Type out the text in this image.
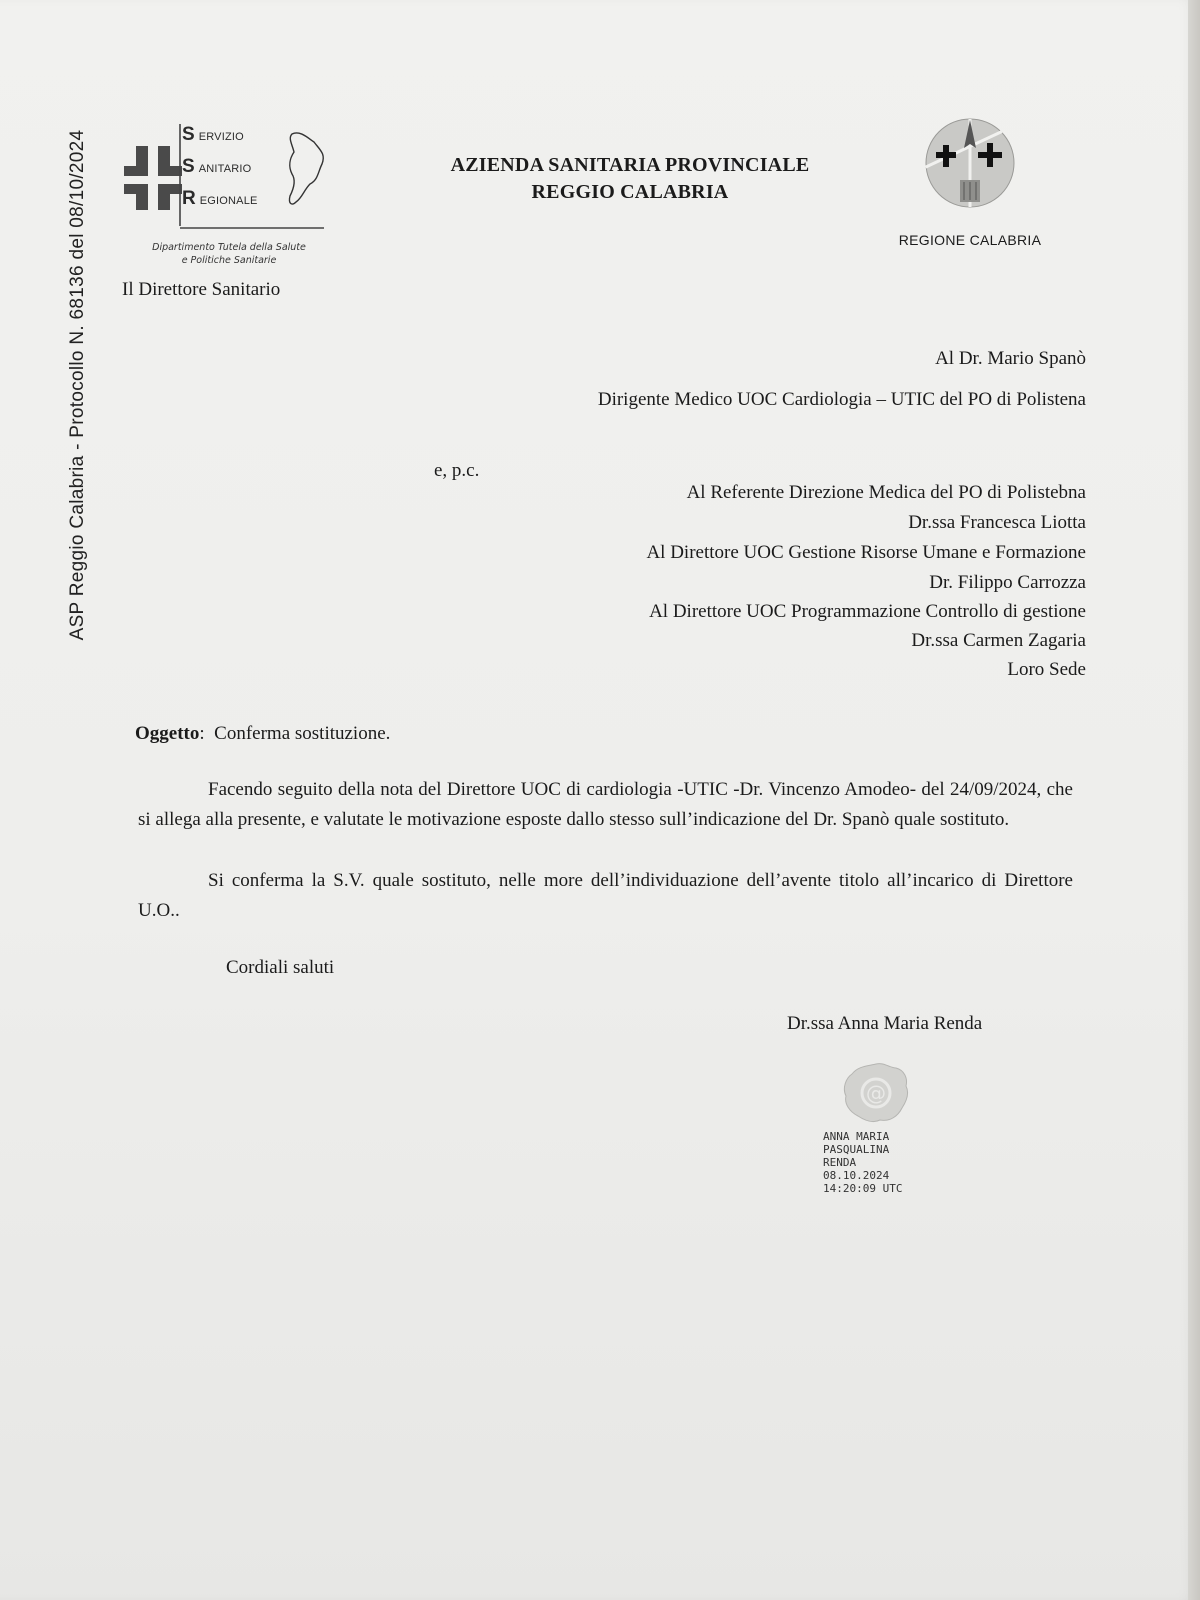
ASP Reggio Calabria - Protocollo N. 68136 del 08/10/2024	S ERVIZIO
S ANITARIO
R EGIONALE
Dipartimento Tutela della Salute
e Politiche Sanitarie
Il Direttore Sanitario
AZIENDA SANITARIA PROVINCIALE
REGGIO CALABRIA
REGIONE CALABRIA
Al Dr. Mario Spanò
Dirigente Medico UOC Cardiologia – UTIC del PO di Polistena
e, p.c.
Al Referente Direzione Medica del PO di Polistebna
Dr.ssa Francesca Liotta
Al Direttore UOC Gestione Risorse Umane e Formazione
Dr. Filippo Carrozza
Al Direttore UOC Programmazione Controllo di gestione
Dr.ssa Carmen Zagaria
Loro Sede
Oggetto:  Conferma sostituzione.
Facendo seguito della nota del Direttore UOC di cardiologia -UTIC -Dr. Vincenzo Amodeo- del 24/09/2024, che si allega alla presente, e valutate le motivazione esposte dallo stesso sull’indicazione del Dr. Spanò quale sostituto.
Si conferma la S.V. quale sostituto, nelle more dell’individuazione dell’avente titolo all’incarico di Direttore U.O..
Cordiali saluti
Dr.ssa Anna Maria Renda
@
ANNA MARIA
PASQUALINA
RENDA
08.10.2024
14:20:09 UTC
